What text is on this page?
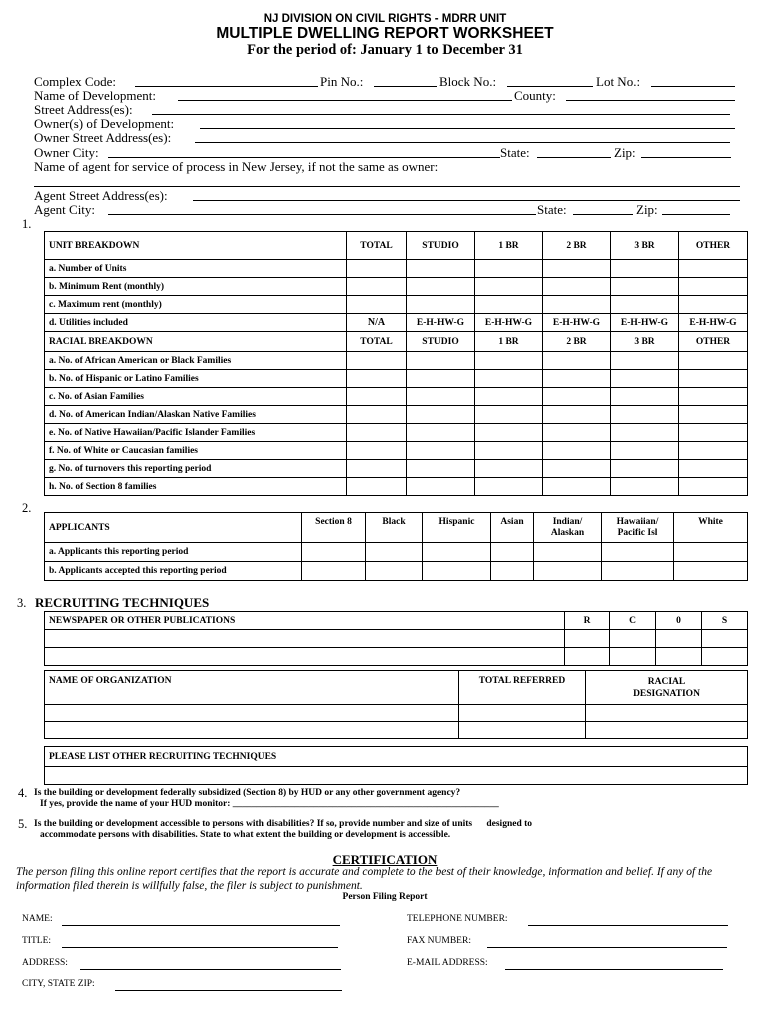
NJ DIVISION ON CIVIL RIGHTS - MDRR UNIT
MULTIPLE DWELLING REPORT WORKSHEET
For the period of: January 1 to December 31
Complex Code:	Pin No.:	Block No.:	Lot No.:
Name of Development:	County:
Street Address(es):
Owner(s) of Development:
Owner Street Address(es):
Owner City:	State:	Zip:
Name of agent for service of process in New Jersey, if not the same as owner:
Agent Street Address(es):
Agent City:	State:	Zip:
1.
UNIT BREAKDOWN	TOTAL	STUDIO	1 BR	2 BR	3 BR	OTHER
a. Number of Units						
b. Minimum Rent (monthly)						
c. Maximum rent (monthly)						
d. Utilities included	N/A	E-H-HW-G	E-H-HW-G	E-H-HW-G	E-H-HW-G	E-H-HW-G
RACIAL BREAKDOWN	TOTAL	STUDIO	1 BR	2 BR	3 BR	OTHER
a. No. of African American or Black Families						
b. No. of Hispanic or Latino Families						
c. No. of Asian Families						
d. No. of American Indian/Alaskan Native Families						
e. No. of Native Hawaiian/Pacific Islander Families						
f. No. of White or Caucasian families						
g. No. of turnovers this reporting period						
h. No. of Section 8 families						
2.
APPLICANTS	Section 8	Black	Hispanic	Asian	Indian/ Alaskan	Hawaiian/ Pacific Isl	White
a. Applicants this reporting period							
b. Applicants accepted this reporting period							
3. RECRUITING TECHNIQUES
NEWSPAPER OR OTHER PUBLICATIONS	R	C	0	S

NAME OF ORGANIZATION	TOTAL REFERRED	RACIAL DESIGNATION

PLEASE LIST OTHER RECRUITING TECHNIQUES

4. Is the building or development federally subsidized (Section 8) by HUD or any other government agency?
If yes, provide the name of your HUD monitor: ________________________________________________________
5. Is the building or development accessible to persons with disabilities? If so, provide number and size of units      designed to
accommodate persons with disabilities. State to what extent the building or development is accessible.
CERTIFICATION
The person filing this online report certifies that the report is accurate and complete to the best of their knowledge, information and belief. If any of the information filed therein is willfully false, the filer is subject to punishment.
Person Filing Report
NAME:	TELEPHONE NUMBER:
TITLE:	FAX NUMBER:
ADDRESS:	E-MAIL ADDRESS:
CITY, STATE ZIP:
